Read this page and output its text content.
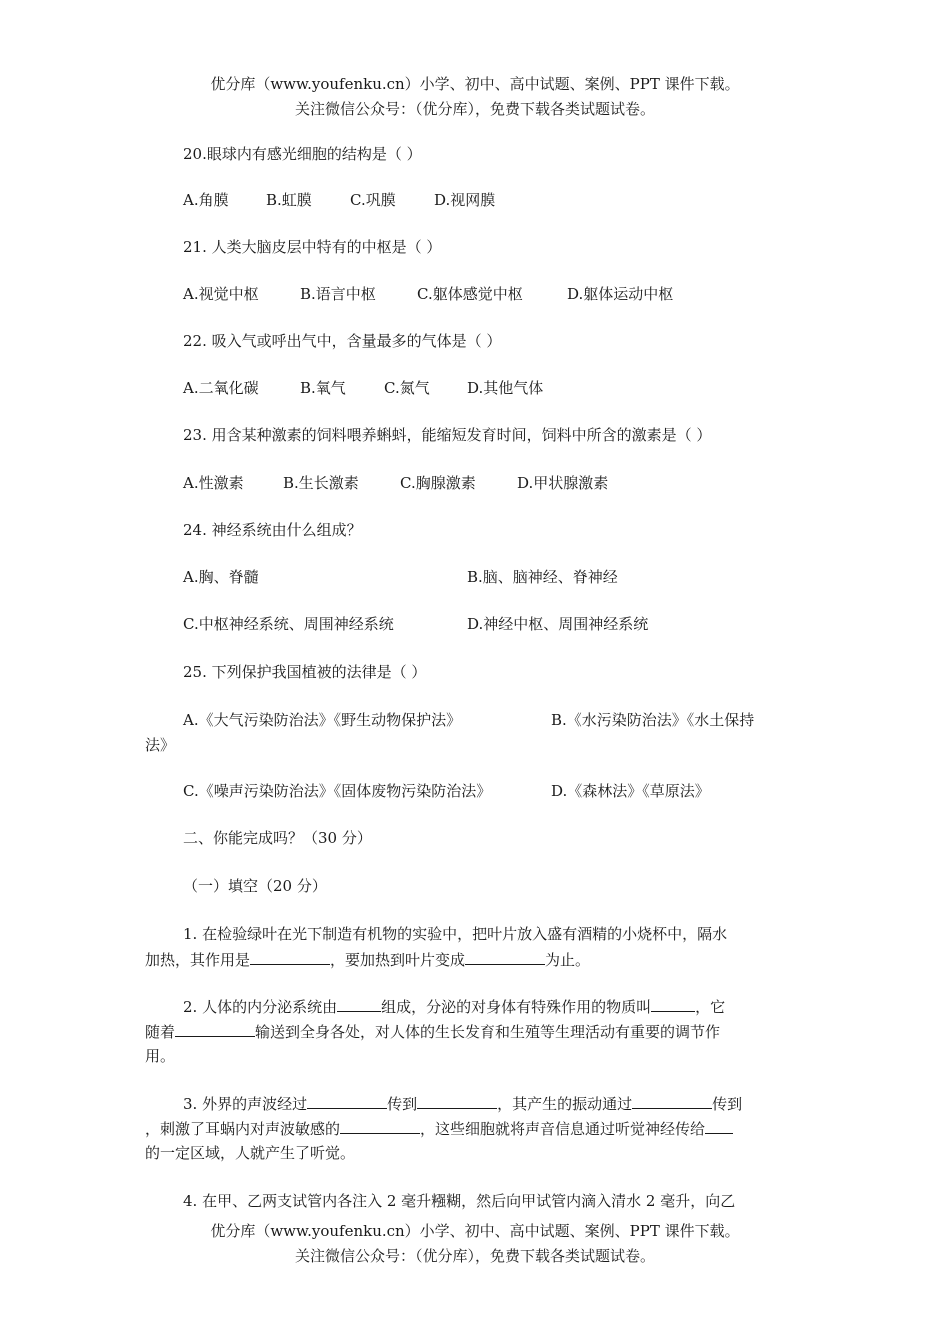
优分库（www.youfenku.cn）小学、初中、高中试题、案例、PPT 课件下载。
关注微信公众号：（优分库），免费下载各类试题试卷。
20.眼球内有感光细胞的结构是（ ）
A.角膜 B.虹膜	C.巩膜	D.视网膜
21. 人类大脑皮层中特有的中枢是（ ）
A.视觉中枢	B.语言中枢	C.躯体感觉中枢	D.躯体运动中枢
22. 吸入气或呼出气中，含量最多的气体是（ ）
A.二氧化碳	B.氧气	C.氮气 D.其他气体
23. 用含某种激素的饲料喂养蝌蚪，能缩短发育时间，饲料中所含的激素是（ ）
A.性激素	B.生长激素	C.胸腺激素	D.甲状腺激素
24. 神经系统由什么组成？
A.胸、脊髓	B.脑、脑神经、脊神经
C.中枢神经系统、周围神经系统	D.神经中枢、周围神经系统
25. 下列保护我国植被的法律是（ ）
A.《大气污染防治法》《野生动物保护法》	B.《水污染防治法》《水土保持
法》
C.《噪声污染防治法》《固体废物污染防治法》	D.《森林法》《草原法》
二、你能完成吗？（30 分）
（一）填空（20 分）
1. 在检验绿叶在光下制造有机物的实验中，把叶片放入盛有酒精的小烧杯中，隔水
加热，其作用是	，要加热到叶片变成	为止。
2. 人体的内分泌系统由	组成，分泌的对身体有特殊作用的物质叫	，它
随着	输送到全身各处，对人体的生长发育和生殖等生理活动有重要的调节作
用。
3. 外界的声波经过	传到	，其产生的振动通过	传到
，刺激了耳蜗内对声波敏感的	，这些细胞就将声音信息通过听觉神经传给
的一定区域，人就产生了听觉。
4. 在甲、乙两支试管内各注入 2 毫升糨糊，然后向甲试管内滴入清水 2 毫升，向乙
优分库（www.youfenku.cn）小学、初中、高中试题、案例、PPT 课件下载。
关注微信公众号：（优分库），免费下载各类试题试卷。
